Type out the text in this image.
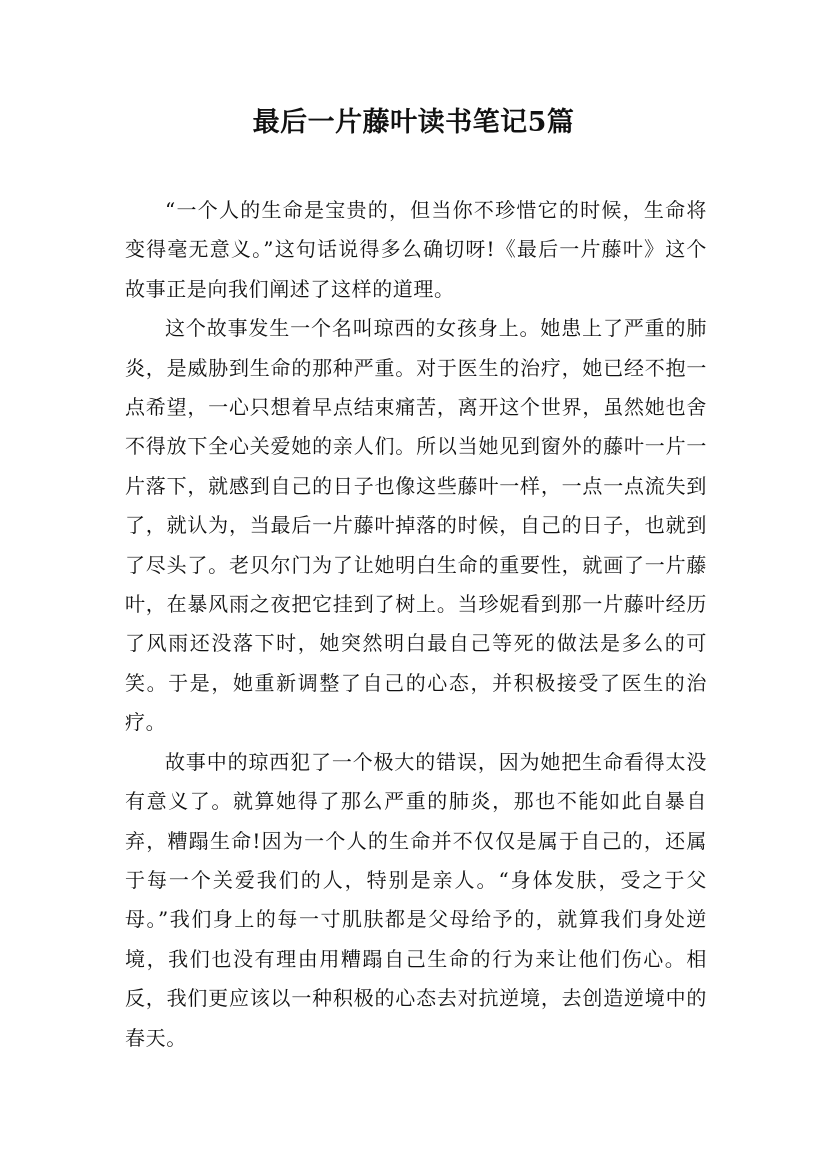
最后一片藤叶读书笔记5篇

“一个人的生命是宝贵的，但当你不珍惜它的时候，生命将变得毫无意义。”这句话说得多么确切呀!《最后一片藤叶》这个故事正是向我们阐述了这样的道理。

这个故事发生一个名叫琼西的女孩身上。她患上了严重的肺炎，是威胁到生命的那种严重。对于医生的治疗，她已经不抱一点希望，一心只想着早点结束痛苦，离开这个世界，虽然她也舍不得放下全心关爱她的亲人们。所以当她见到窗外的藤叶一片一片落下，就感到自己的日子也像这些藤叶一样，一点一点流失到了，就认为，当最后一片藤叶掉落的时候，自己的日子，也就到了尽头了。老贝尔门为了让她明白生命的重要性，就画了一片藤叶，在暴风雨之夜把它挂到了树上。当珍妮看到那一片藤叶经历了风雨还没落下时，她突然明白最自己等死的做法是多么的可笑。于是，她重新调整了自己的心态，并积极接受了医生的治疗。

故事中的琼西犯了一个极大的错误，因为她把生命看得太没有意义了。就算她得了那么严重的肺炎，那也不能如此自暴自弃，糟蹋生命!因为一个人的生命并不仅仅是属于自己的，还属于每一个关爱我们的人，特别是亲人。“身体发肤，受之于父母。”我们身上的每一寸肌肤都是父母给予的，就算我们身处逆境，我们也没有理由用糟蹋自己生命的行为来让他们伤心。相反，我们更应该以一种积极的心态去对抗逆境，去创造逆境中的春天。
